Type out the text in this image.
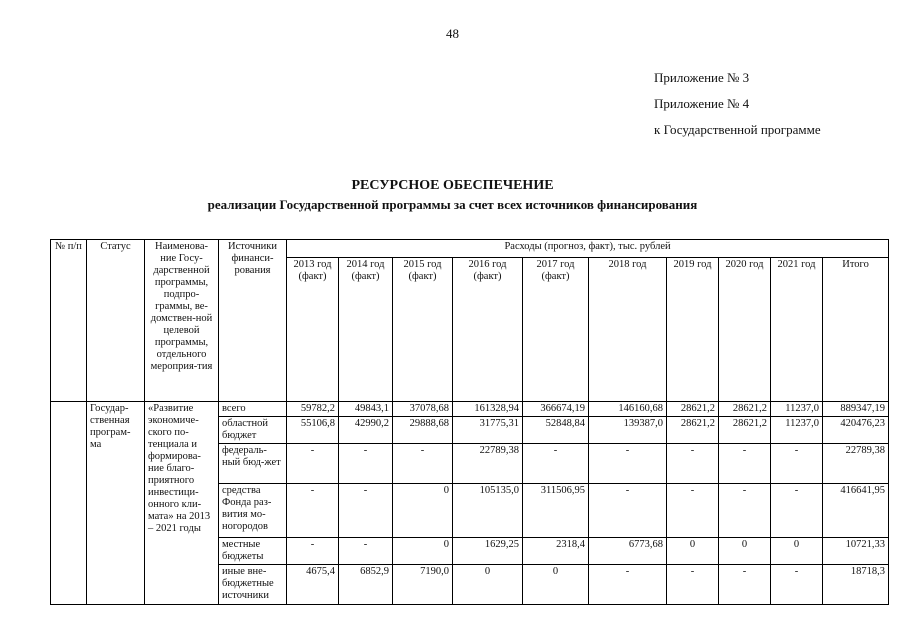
48
Приложение № 3
Приложение № 4
к Государственной программе
РЕСУРСНОЕ ОБЕСПЕЧЕНИЕ
реализации Государственной программы за счет всех источников финансирования
№ п/п	Статус	Наименова-ние Госу-дарственной программы, подпро-граммы, ве-домствен-ной целевой программы, отдельного мероприя-тия	Источники финанси-рования	Расходы (прогноз, факт), тыс. рублей									
				2013 год (факт)	2014 год (факт)	2015 год (факт)	2016 год (факт)	2017 год (факт)	2018 год	2019 год	2020 год	2021 год	Итого
	Государ-ственная програм-ма	«Развитие экономиче-ского по-тенциала и формирова-ние благо-приятного инвестици-онного кли-мата» на 2013 – 2021 годы	всего	59782,2	49843,1	37078,68	161328,94	366674,19	146160,68	28621,2	28621,2	11237,0	889347,19
			областной бюджет	55106,8	42990,2	29888,68	31775,31	52848,84	139387,0	28621,2	28621,2	11237,0	420476,23
			федераль-ный бюд-жет	-	-	-	22789,38	-	-	-	-	-	22789,38
			средства Фонда раз-вития мо-ногородов	-	-	0	105135,0	311506,95	-	-	-	-	416641,95
			местные бюджеты	-	-	0	1629,25	2318,4	6773,68	0	0	0	10721,33
			иные вне-бюджетные источники	4675,4	6852,9	7190,0	0	0	-	-	-	-	18718,3
